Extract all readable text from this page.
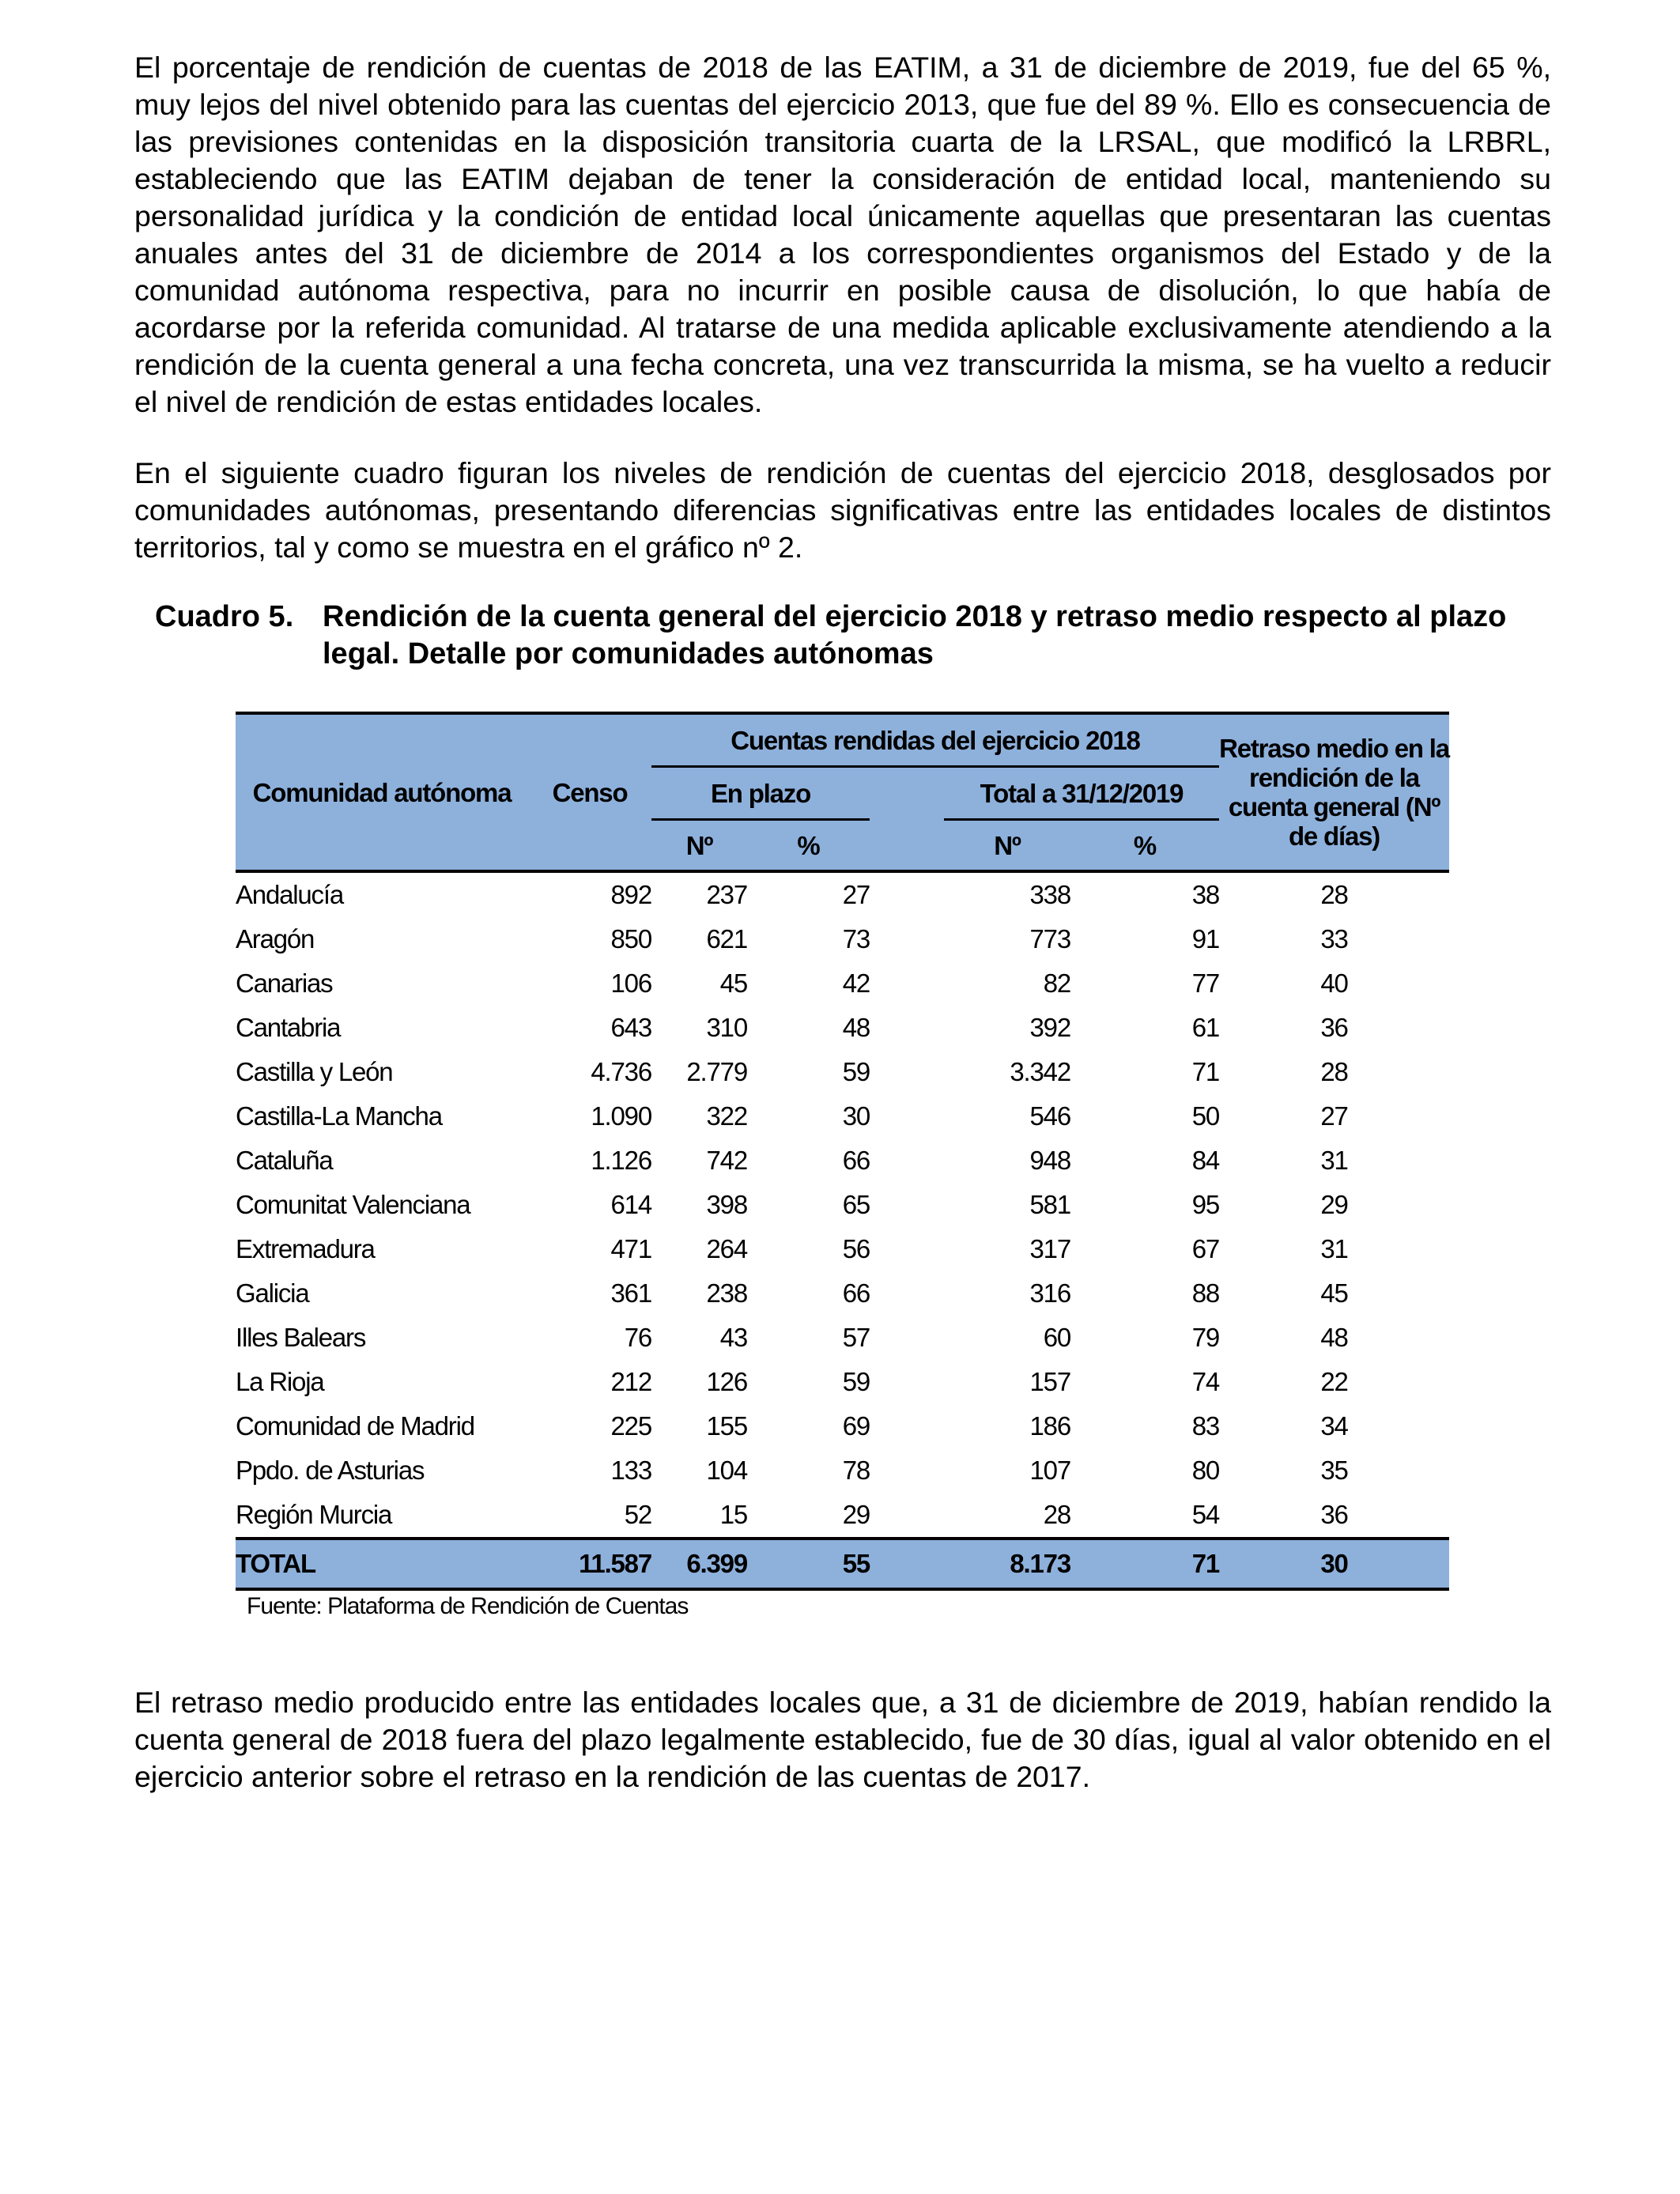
El porcentaje de rendición de cuentas de 2018 de las EATIM, a 31 de diciembre de 2019, fue del 65 %, muy lejos del nivel obtenido para las cuentas del ejercicio 2013, que fue del 89 %. Ello es consecuencia de las previsiones contenidas en la disposición transitoria cuarta de la LRSAL, que modificó la LRBRL, estableciendo que las EATIM dejaban de tener la consideración de entidad local, manteniendo su personalidad jurídica y la condición de entidad local únicamente aquellas que presentaran las cuentas anuales antes del 31 de diciembre de 2014 a los correspondientes organismos del Estado y de la comunidad autónoma respectiva, para no incurrir en posible causa de disolución, lo que había de acordarse por la referida comunidad. Al tratarse de una medida aplicable exclusivamente atendiendo a la rendición de la cuenta general a una fecha concreta, una vez transcurrida la misma, se ha vuelto a reducir el nivel de rendición de estas entidades locales.

En el siguiente cuadro figuran los niveles de rendición de cuentas del ejercicio 2018, desglosados por comunidades autónomas, presentando diferencias significativas entre las entidades locales de distintos territorios, tal y como se muestra en el gráfico nº 2.

Cuadro 5. Rendición de la cuenta general del ejercicio 2018 y retraso medio respecto al plazo legal. Detalle por comunidades autónomas
Comunidad autónoma	Censo	Cuentas rendidas del ejercicio 2018					Retraso medio en la rendición de la cuenta general (Nº de días)
		En plazo			Total a 31/12/2019		
		Nº	%		Nº	%	
Andalucía	892	237	27		338	38	28
Aragón	850	621	73		773	91	33
Canarias	106	45	42		82	77	40
Cantabria	643	310	48		392	61	36
Castilla y León	4.736	2.779	59		3.342	71	28
Castilla-La Mancha	1.090	322	30		546	50	27
Cataluña	1.126	742	66		948	84	31
Comunitat Valenciana	614	398	65		581	95	29
Extremadura	471	264	56		317	67	31
Galicia	361	238	66		316	88	45
Illes Balears	76	43	57		60	79	48
La Rioja	212	126	59		157	74	22
Comunidad de Madrid	225	155	69		186	83	34
Ppdo. de Asturias	133	104	78		107	80	35
Región Murcia	52	15	29		28	54	36
TOTAL	11.587	6.399	55		8.173	71	30
Fuente: Plataforma de Rendición de Cuentas

El retraso medio producido entre las entidades locales que, a 31 de diciembre de 2019, habían rendido la cuenta general de 2018 fuera del plazo legalmente establecido, fue de 30 días, igual al valor obtenido en el ejercicio anterior sobre el retraso en la rendición de las cuentas de 2017.
